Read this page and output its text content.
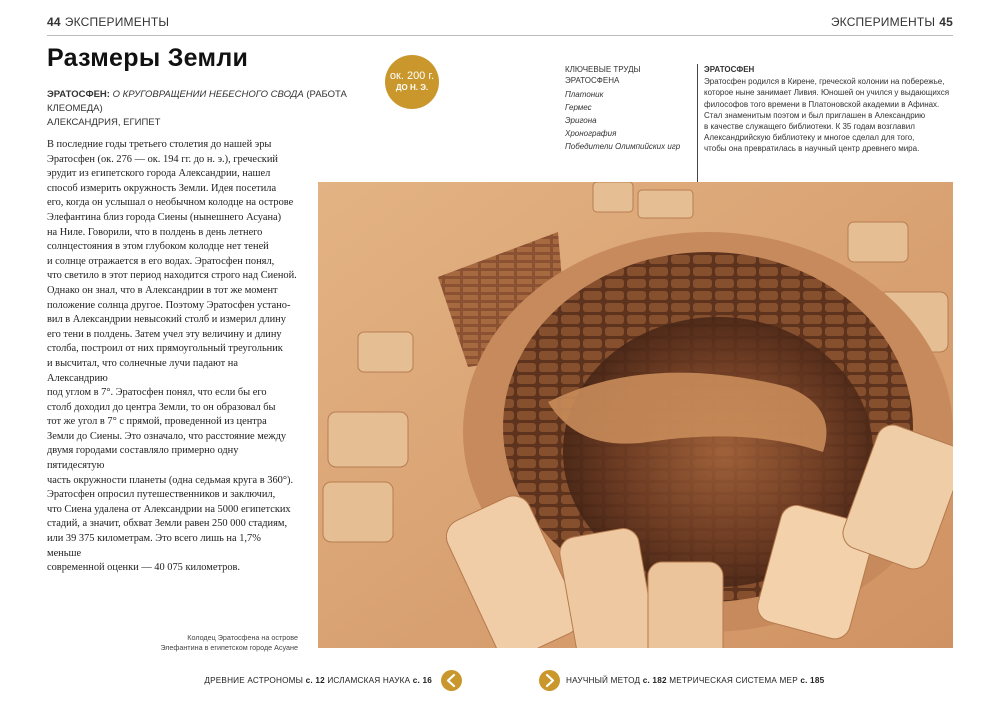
44 ЭКСПЕРИМЕНТЫ	ЭКСПЕРИМЕНТЫ 45
Размеры Земли
ок. 200 г.
ДО Н. Э.
ЭРАТОСФЕН: О КРУГОВРАЩЕНИИ НЕБЕСНОГО СВОДА (РАБОТА КЛЕОМЕДА)
АЛЕКСАНДРИЯ, ЕГИПЕТ
В последние годы третьего столетия до нашей эры
Эратосфен (ок. 276 — ок. 194 гг. до н. э.), греческий
эрудит из египетского города Александрии, нашел
способ измерить окружность Земли. Идея посетила
его, когда он услышал о необычном колодце на острове
Элефантина близ города Сиены (нынешнего Асуана)
на Ниле. Говорили, что в полдень в день летнего
солнцестояния в этом глубоком колодце нет теней
и солнце отражается в его водах. Эратосфен понял,
что светило в этот период находится строго над Сиеной.
Однако он знал, что в Александрии в тот же момент
положение солнца другое. Поэтому Эратосфен устано-
вил в Александрии невысокий столб и измерил длину
его тени в полдень. Затем учел эту величину и длину
столба, построил от них прямоугольный треугольник
и высчитал, что солнечные лучи падают на Александрию
под углом в 7°. Эратосфен понял, что если бы его
столб доходил до центра Земли, то он образовал бы
тот же угол в 7° с прямой, проведенной из центра
Земли до Сиены. Это означало, что расстояние между
двумя городами составляло примерно одну пятидесятую
часть окружности планеты (одна седьмая круга в 360°).
Эратосфен опросил путешественников и заключил,
что Сиена удалена от Александрии на 5000 египетских
стадий, а значит, обхват Земли равен 250 000 стадиям,
или 39 375 километрам. Это всего лишь на 1,7% меньше
современной оценки — 40 075 километров.
КЛЮЧЕВЫЕ ТРУДЫ
ЭРАТОСФЕНА
Платоник
Гермес
Эригона
Хронография
Победители Олимпийских игр
ЭРАТОСФЕН
Эратосфен родился в Кирене, греческой колонии на побережье,
которое ныне занимает Ливия. Юношей он учился у выдающихся
философов того времени в Платоновской академии в Афинах.
Стал знаменитым поэтом и был приглашен в Александрию
в качестве служащего библиотеки. К 35 годам возглавил
Александрийскую библиотеку и многое сделал для того,
чтобы она превратилась в научный центр древнего мира.
Колодец Эратосфена на острове
Элефантина в египетском городе Асуане
ДРЕВНИЕ АСТРОНОМЫ с. 12 ИСЛАМСКАЯ НАУКА с. 16	НАУЧНЫЙ МЕТОД с. 182 МЕТРИЧЕСКАЯ СИСТЕМА МЕР с. 185
